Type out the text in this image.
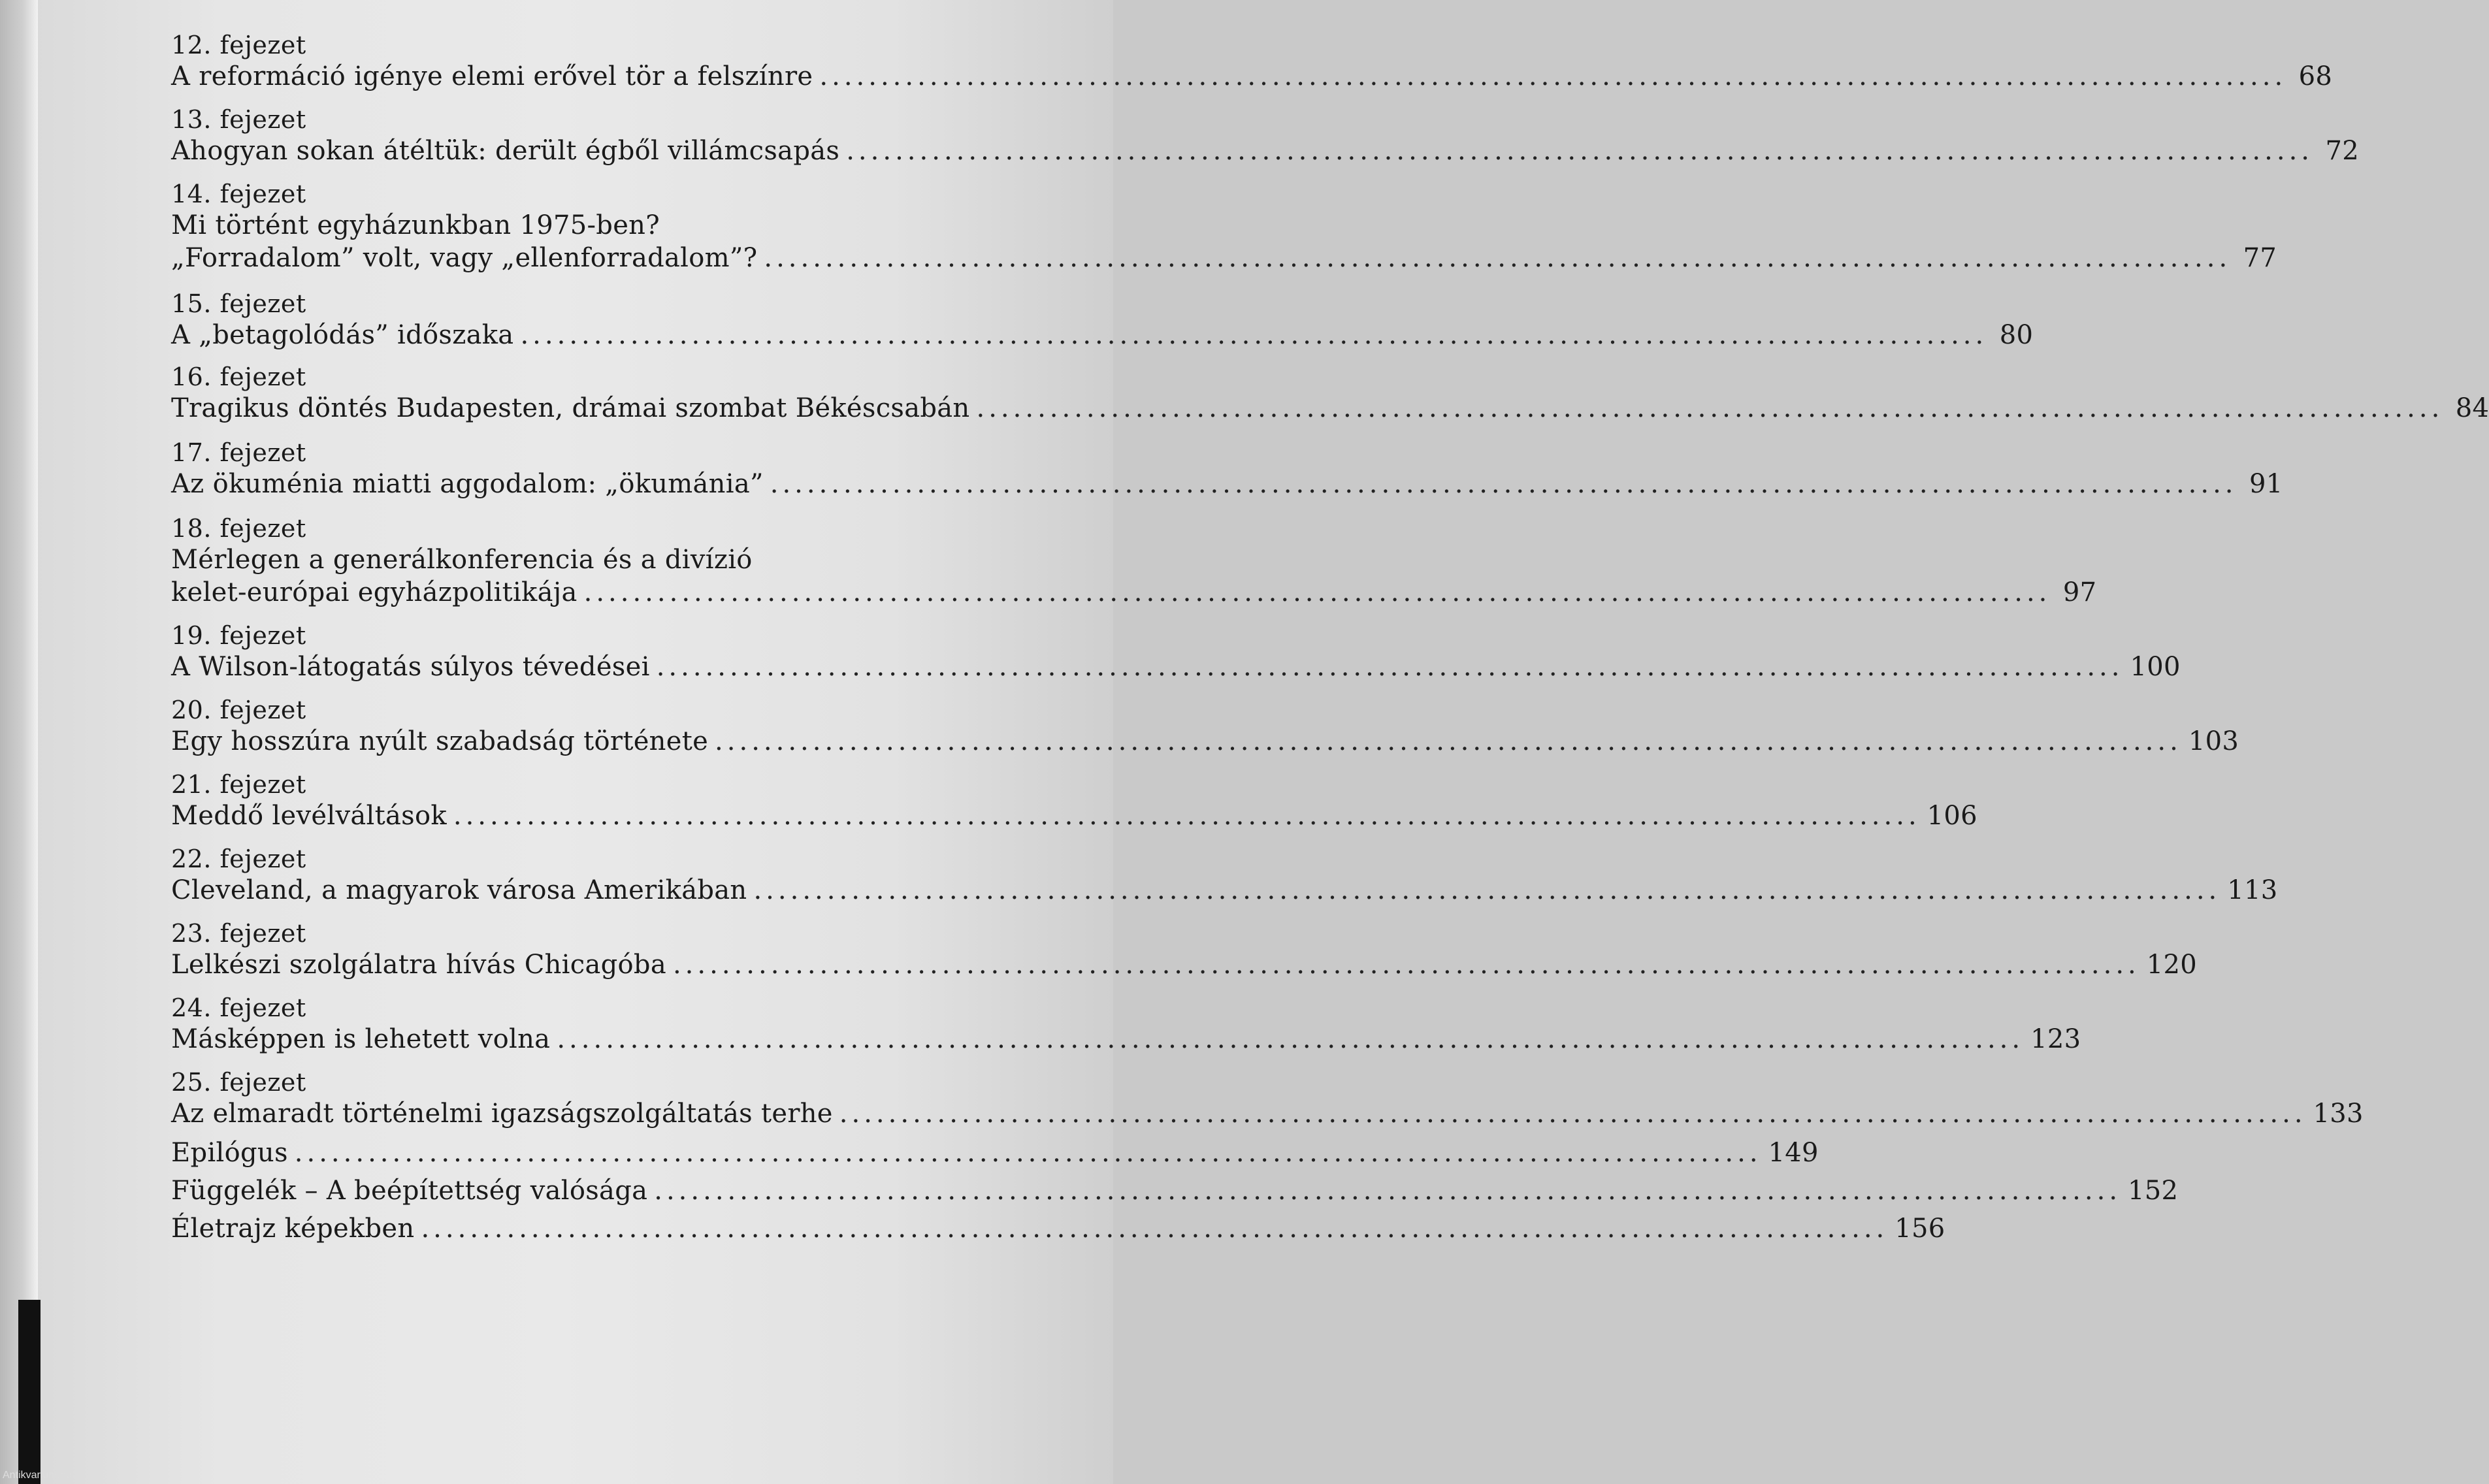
12. fejezet
A reformáció igénye elemi erővel tör a felszínre ........................................................................................................................ 68
13. fejezet
Ahogyan sokan átéltük: derült égből villámcsapás ........................................................................................................................ 72
14. fejezet
Mi történt egyházunkban 1975-ben?
„Forradalom” volt, vagy „ellenforradalom”? ........................................................................................................................ 77
15. fejezet
A „betagolódás” időszaka ........................................................................................................................ 80
16. fejezet
Tragikus döntés Budapesten, drámai szombat Békéscsabán ........................................................................................................................ 84
17. fejezet
Az ökuménia miatti aggodalom: „ökumánia” ........................................................................................................................ 91
18. fejezet
Mérlegen a generálkonferencia és a divízió
kelet-európai egyházpolitikája ........................................................................................................................ 97
19. fejezet
A Wilson-látogatás súlyos tévedései ........................................................................................................................ 100
20. fejezet
Egy hosszúra nyúlt szabadság története ........................................................................................................................ 103
21. fejezet
Meddő levélváltások ........................................................................................................................ 106
22. fejezet
Cleveland, a magyarok városa Amerikában ........................................................................................................................ 113
23. fejezet
Lelkészi szolgálatra hívás Chicagóba ........................................................................................................................ 120
24. fejezet
Másképpen is lehetett volna ........................................................................................................................ 123
25. fejezet
Az elmaradt történelmi igazságszolgáltatás terhe ........................................................................................................................ 133
Epilógus ........................................................................................................................ 149
Függelék – A beépítettség valósága ........................................................................................................................ 152
Életrajz képekben ........................................................................................................................ 156
Antikvarium.hu
